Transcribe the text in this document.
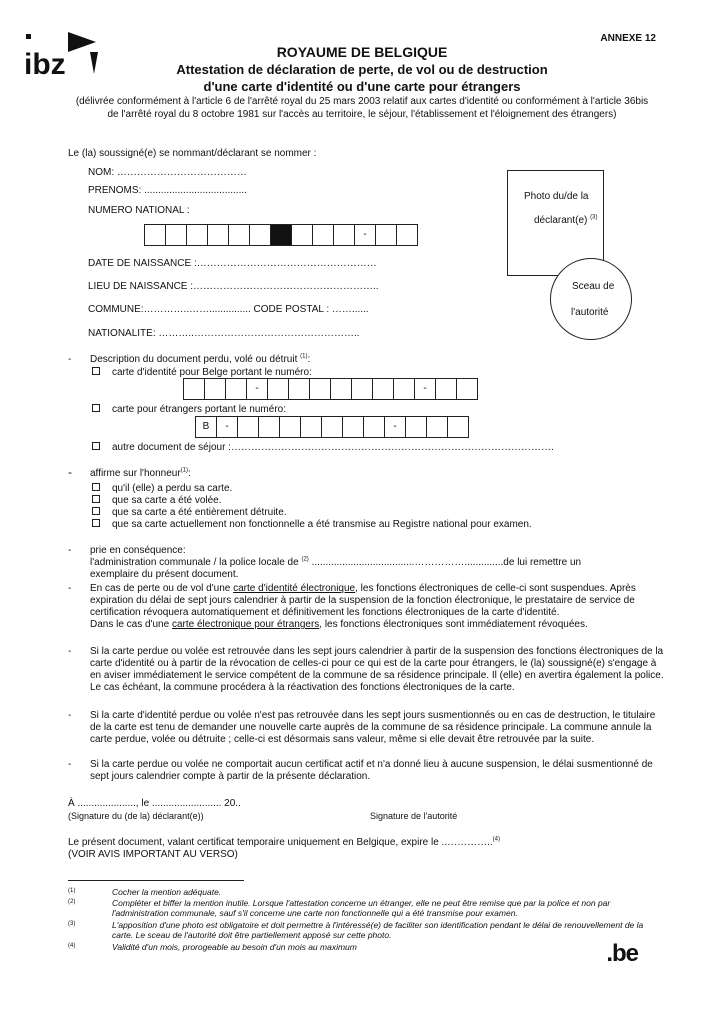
ibz
ANNEXE 12
ROYAUME DE BELGIQUE
Attestation de déclaration de perte, de vol ou de destruction
d'une carte d'identité ou d'une carte pour étrangers
(délivrée conformément à l'article 6 de l'arrêté royal du 25 mars 2003 relatif aux cartes d'identité ou conformément à l'article 36bis de l'arrêté royal du 8 octobre 1981 sur l'accès au territoire, le séjour, l'établissement et l'éloignement des étrangers)
Le (la) soussigné(e) se nommant/déclarant se nommer :
NOM: …………………………………
PRENOMS: .....................................
NUMERO NATIONAL :
-
DATE DE NAISSANCE :………………………………………………
LIEU DE NAISSANCE :………………………………………………..
COMMUNE:…………..……............... CODE POSTAL : ……......
NATIONALITE: ………..…………………………………………..
Photo du/de la
déclarant(e) $^{(3)}$
Sceau de
l'autorité
- Description du document perdu, volé ou détruit $^{(1)}$:
carte d'identité pour Belge portant le numéro:
-	-
carte pour étrangers portant le numéro:
B	-	-
autre document de séjour :…………………………………………………………………………………….
- affirme sur l'honneur$^{(1)}$:
qu'il (elle) a perdu sa carte.
que sa carte a été volée.
que sa carte a été entièrement détruite.
que sa carte actuellement non fonctionnelle a été transmise au Registre national pour examen.
- prie en conséquence:
l'administration communale / la police locale de $^{(2)}$ .....................................……………..............de lui remettre un
exemplaire du présent document.
- En cas de perte ou de vol d'une carte d'identité électronique, les fonctions électroniques de celle-ci sont suspendues. Après expiration du délai de sept jours calendrier à partir de la suspension de la fonction électronique, le prestataire de service de certification révoquera automatiquement et définitivement les fonctions électroniques de la carte d'identité.
Dans le cas d'une carte électronique pour étrangers, les fonctions électroniques sont immédiatement révoquées.
- Si la carte perdue ou volée est retrouvée dans les sept jours calendrier à partir de la suspension des fonctions électroniques de la carte d'identité ou à partir de la révocation de celles-ci pour ce qui est de la carte pour étrangers, le (la) soussigné(e) s'engage à en aviser immédiatement le service compétent de la commune de sa résidence principale. Il (elle) en avertira également la police. Le cas échéant, la commune procédera à la réactivation des fonctions électroniques de la carte.
- Si la carte d'identité perdue ou volée n'est pas retrouvée dans les sept jours susmentionnés ou en cas de destruction, le titulaire de la carte est tenu de demander une nouvelle carte auprès de la commune de sa résidence principale. La commune annule la carte perdue, volée ou détruite ; celle-ci est désormais sans valeur, même si elle devait être retrouvée par la suite.
- Si la carte perdue ou volée ne comportait aucun certificat actif et n'a donné lieu à aucune suspension, le délai susmentionné de sept jours calendrier compte à partir de la présente déclaration.
À ....................., le ......................... 20..
(Signature du (de la) déclarant(e))	Signature de l'autorité
Le présent document, valant certificat temporaire uniquement en Belgique, expire le ..…………..$^{(4)}$
(VOIR AVIS IMPORTANT AU VERSO)
(1)	Cocher la mention adéquate.
(2)	Compléter et biffer la mention inutile. Lorsque l'attestation concerne un étranger, elle ne peut être remise que par la police et non par l'administration communale, sauf s'il concerne une carte non fonctionnelle qui a été transmise pour examen.
(3)	L'apposition d'une photo est obligatoire et doit permettre à l'intéressé(e) de faciliter son identification pendant le délai de renouvellement de la carte. Le sceau de l'autorité doit être partiellement apposé sur cette photo.
(4)	Validité d'un mois, prorogeable au besoin d'un mois au maximum	.be
